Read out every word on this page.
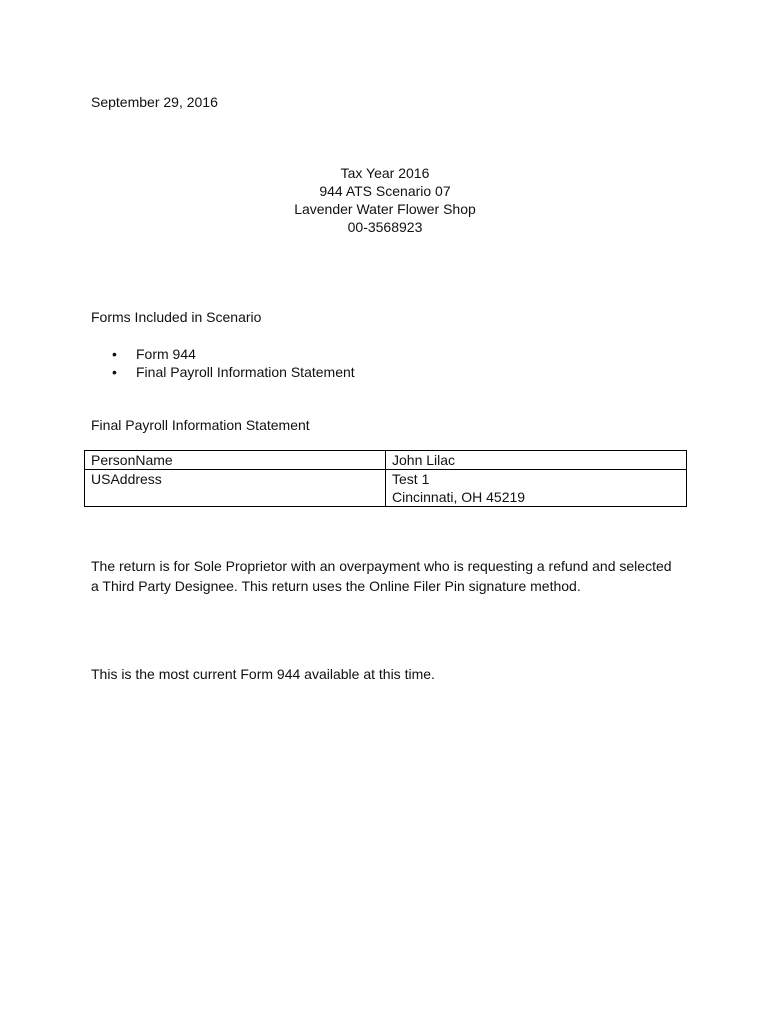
September 29, 2016
Tax Year 2016
944 ATS Scenario 07
Lavender Water Flower Shop
00-3568923
Forms Included in Scenario
• Form 944
• Final Payroll Information Statement
Final Payroll Information Statement
PersonName	John Lilac

USAddress	Test 1
Cincinnati, OH 45219
The return is for Sole Proprietor with an overpayment who is requesting a refund and selected a Third Party Designee. This return uses the Online Filer Pin signature method.
This is the most current Form 944 available at this time.
